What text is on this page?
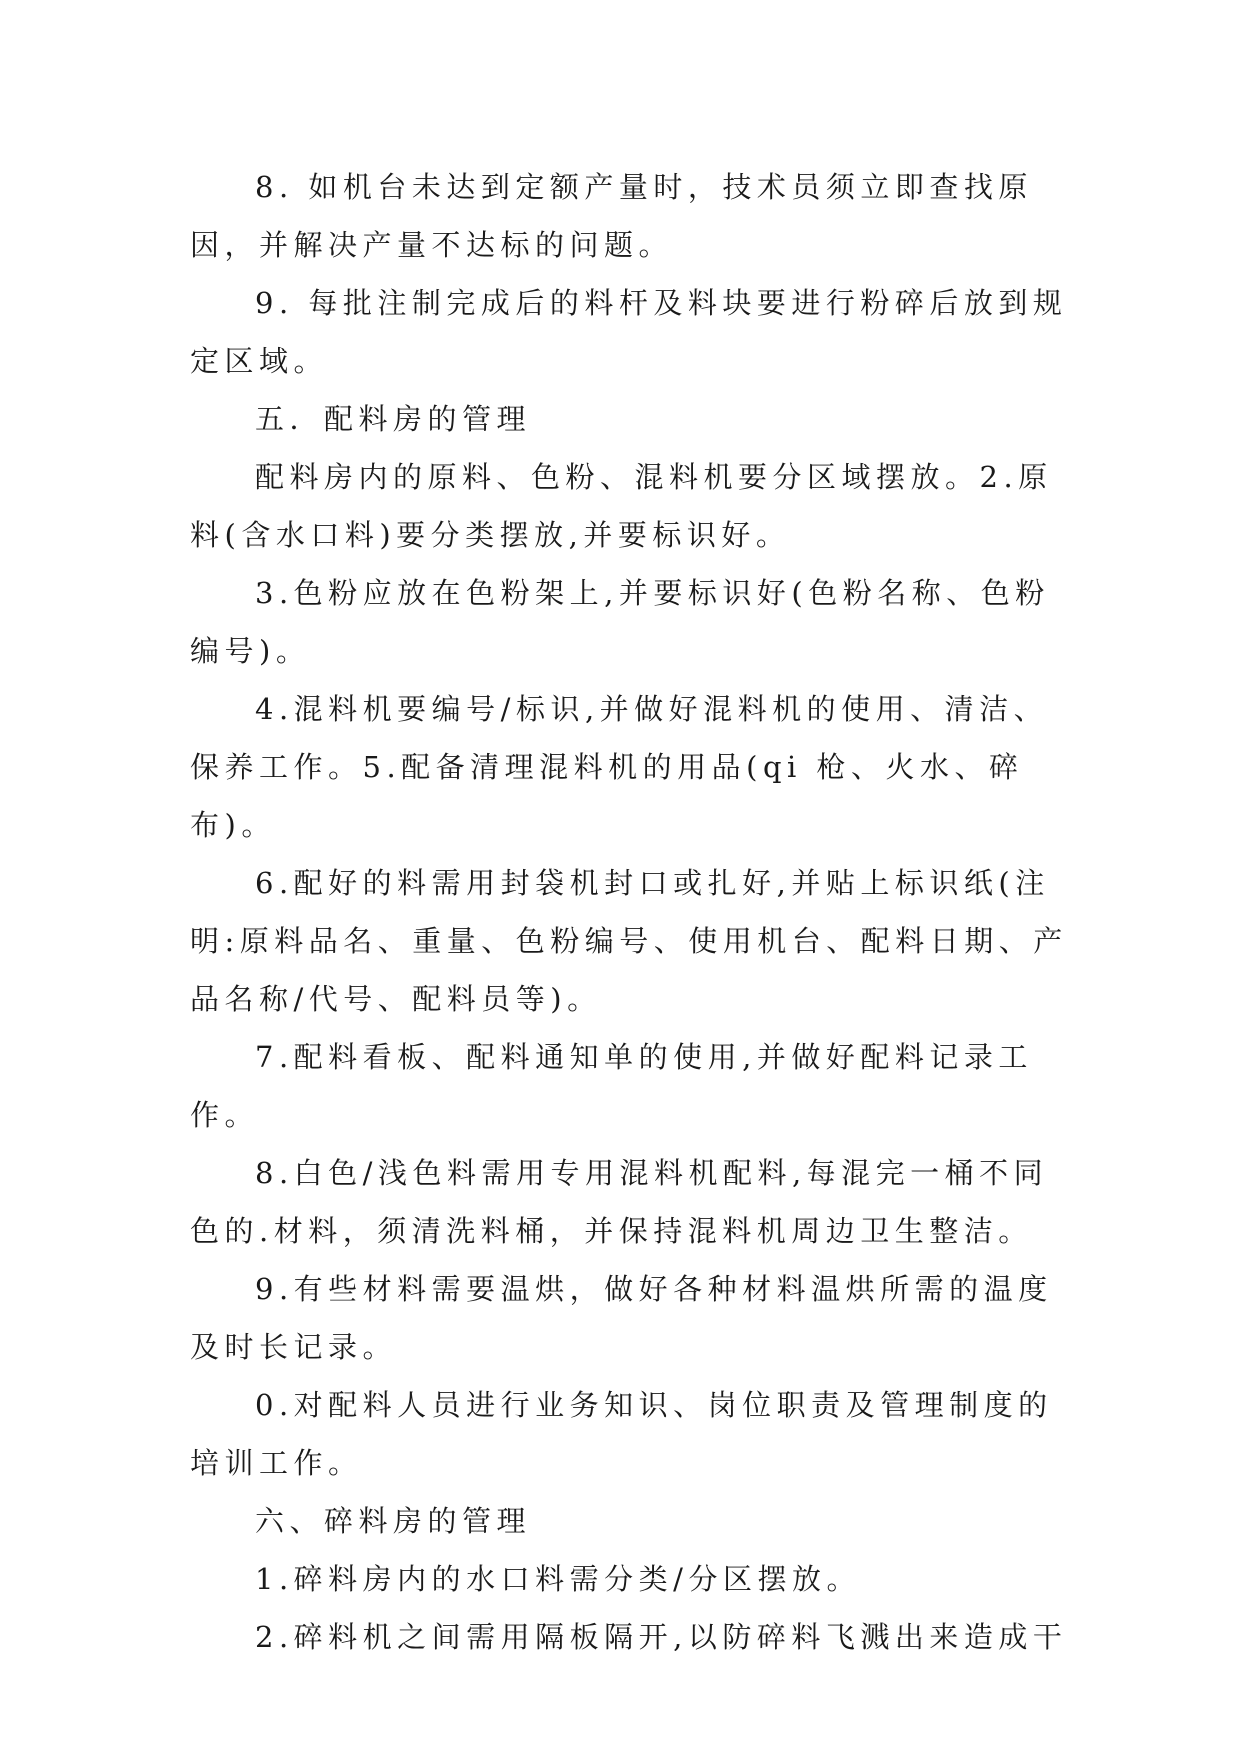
8. 如机台未达到定额产量时，技术员须立即查找原因，并解决产量不达标的问题。

9. 每批注制完成后的料杆及料块要进行粉碎后放到规定区域。

五．配料房的管理

配料房内的原料、色粉、混料机要分区域摆放。2.原料(含水口料)要分类摆放,并要标识好。

3.色粉应放在色粉架上,并要标识好(色粉名称、色粉编号)。

4.混料机要编号/标识,并做好混料机的使用、清洁、保养工作。5.配备清理混料机的用品(qi 枪、火水、碎布)。

6.配好的料需用封袋机封口或扎好,并贴上标识纸(注明:原料品名、重量、色粉编号、使用机台、配料日期、产品名称/代号、配料员等)。

7.配料看板、配料通知单的使用,并做好配料记录工作。

8.白色/浅色料需用专用混料机配料,每混完一桶不同色的.材料，须清洗料桶，并保持混料机周边卫生整洁。

9.有些材料需要温烘，做好各种材料温烘所需的温度及时长记录。

0.对配料人员进行业务知识、岗位职责及管理制度的培训工作。

六、碎料房的管理

1.碎料房内的水口料需分类/分区摆放。

2.碎料机之间需用隔板隔开,以防碎料飞溅出来造成干
